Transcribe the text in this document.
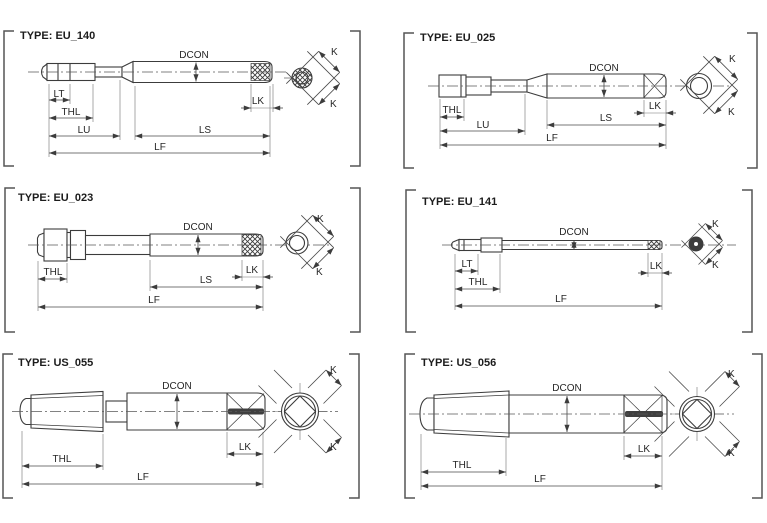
TYPE: EU_140
DCON
LT
THL
LU	LS
LF
LK
K
K
TYPE: EU_025
DCON
THL
LU
LS
LF
LK
K
K
TYPE: EU_023
DCON
THL
LS
LF
LK
K
K
TYPE: EU_141
DCON
LT
THL
LF
LK
K
K
TYPE: US_055
DCON
THL
LF
LK
K
K
TYPE: US_056
DCON
THL
LF
LK
K
K
